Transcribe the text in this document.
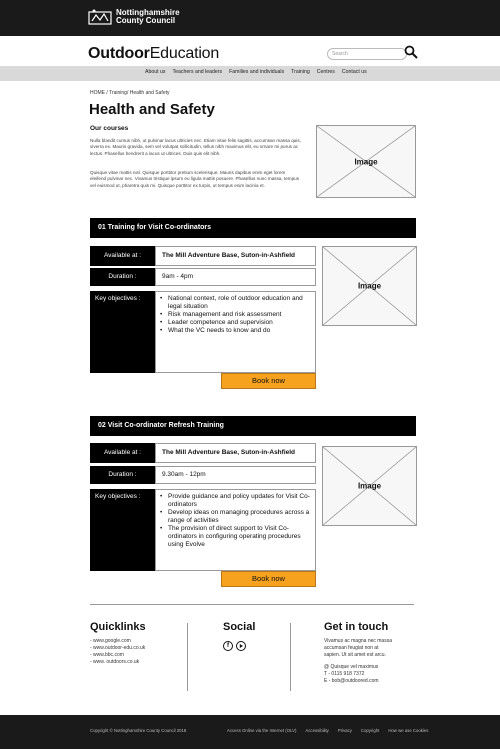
Nottinghamshire
County Council
OutdoorEducation	Search
About us Teachers and leaders Families and individuals Training Centres Contact us
HOME / Training/ Health and Safety
Health and Safety
Our courses
Nulla blandit cursus nibh, ut pulvinar lacus ultricies nec. Etiam vitae felis sagittis, accumsan massa quis, viverra ex. Mauris gravida, sem vel volutpat sollicitudin, tellus nibh maximus elit, eu ornare mi purus ac lectus. Phasellus hendrerit a lacus ut ultrices. Duis quis elit nibh.
Quisque vitae mattis nisl. Quisque porttitor pretium scelerisque. Mauris dapibus enim eget lorem eleifend pulvinar nec. Vivamus tristique ipsum eu ligula mattis posuere. Phasellus nunc massa, tempus vel euismod ut, pharetra quis mi. Quisque porttitor ex turpis, ut tempus enim lacinia et.
Image
01 Training for Visit Co-ordinators
Available at :	The Mill Adventure Base, Suton-in-Ashfield
Duration :	9am - 4pm
Key objectives :	• National context, role of outdoor education and legal situation
• Risk management and risk assessment
• Leader competence and supervision
• What the VC needs to know and do
Image
Book now
02 Visit Co-ordinator Refresh Training
Available at :	The Mill Adventure Base, Suton-in-Ashfield
Duration :	9.30am - 12pm
Key objectives :	• Provide guidance and policy updates for Visit Co-ordinators
• Develop ideas on managing procedures across a range of activities
• The provision of direct support to Visit Co-ordinators in configuring operating procedures using Evolve
Image
Book now
Quicklinks
- www.google.com
- www.outdoor-edu.co.uk
- www.bbc.com
- www. outdoors.co.uk
Social
f
Get in touch
Vivamus ac magna nec massa
accumsan feugiat non at
sapien. Ut sit amet est arcu.
@ Quisque vel maximus
T - 0115 918 7372
E - bob@outdoored.com
Copyright © Nottinghamshire County Council 2018	Access Online via the Internet (OLV) Accessibility Privacy Copyright How we use Cookies
